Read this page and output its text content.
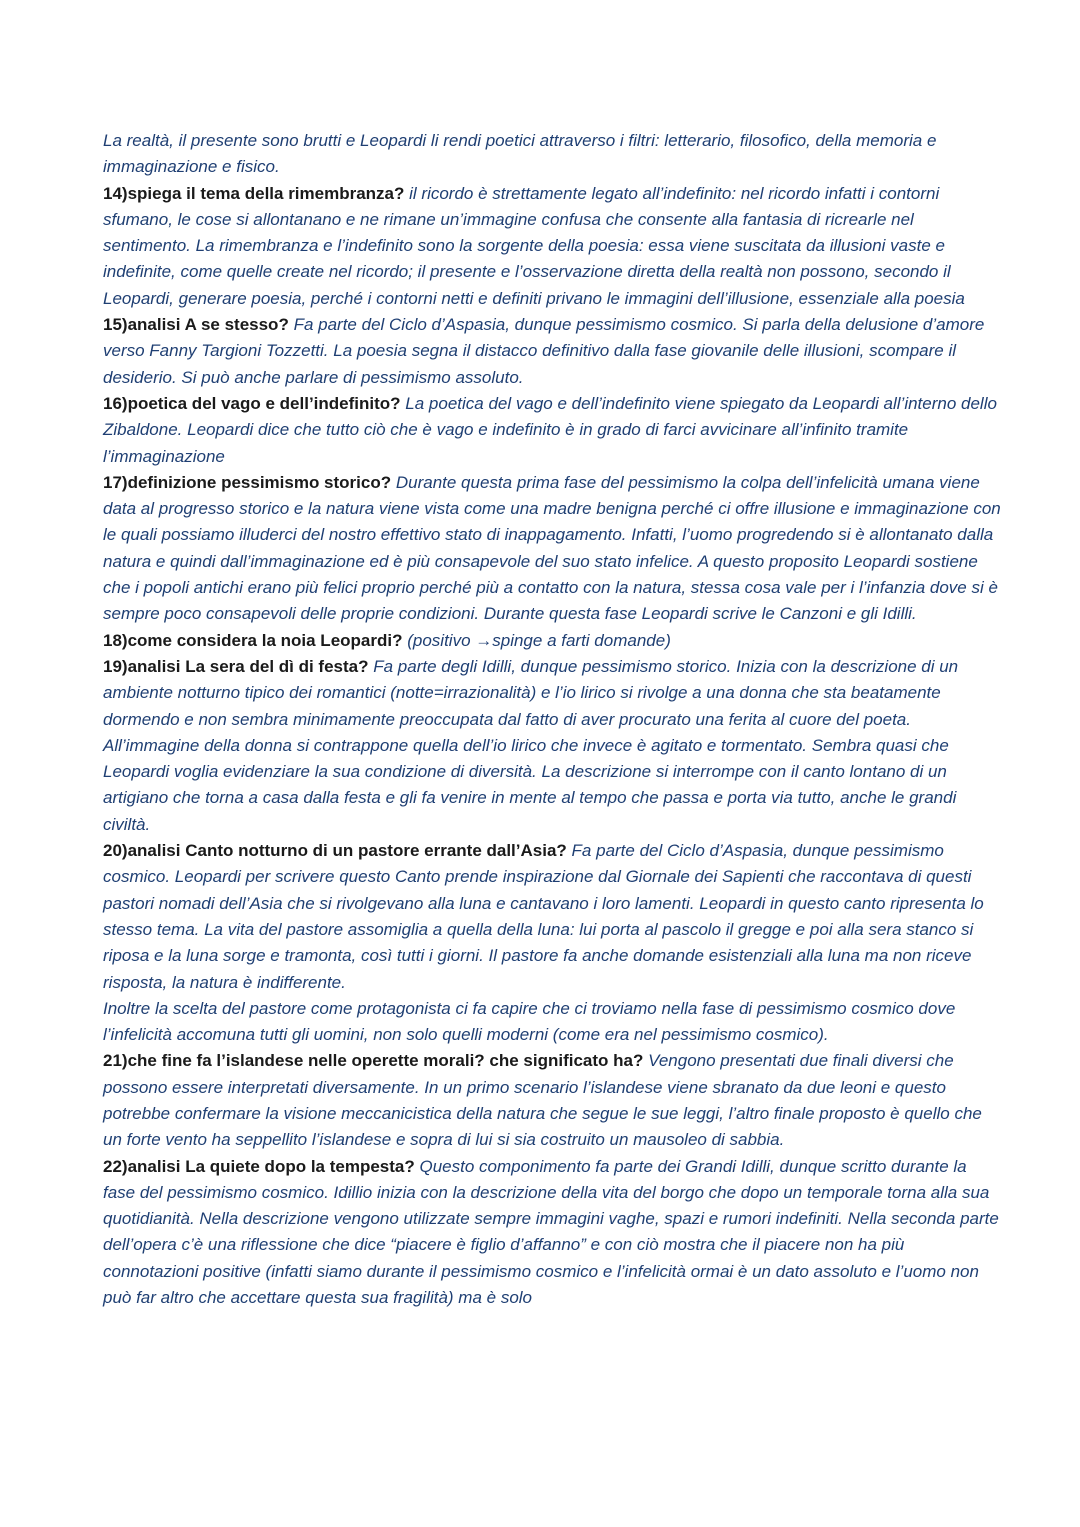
La realtà, il presente sono brutti e Leopardi li rendi poetici attraverso i filtri: letterario, filosofico, della memoria e immaginazione e fisico.

14)spiega il tema della rimembranza? il ricordo è strettamente legato all’indefinito: nel ricordo infatti i contorni sfumano, le cose si allontanano e ne rimane un’immagine confusa che consente alla fantasia di ricrearle nel sentimento. La rimembranza e l’indefinito sono la sorgente della poesia: essa viene suscitata da illusioni vaste e indefinite, come quelle create nel ricordo; il presente e l’osservazione diretta della realtà non possono, secondo il Leopardi, generare poesia, perché i contorni netti e definiti privano le immagini dell’illusione, essenziale alla poesia

15)analisi A se stesso? Fa parte del Ciclo d’Aspasia, dunque pessimismo cosmico. Si parla della delusione d’amore verso Fanny Targioni Tozzetti. La poesia segna il distacco definitivo dalla fase giovanile delle illusioni, scompare il desiderio. Si può anche parlare di pessimismo assoluto.

16)poetica del vago e dell’indefinito? La poetica del vago e dell’indefinito viene spiegato da Leopardi all’interno dello Zibaldone. Leopardi dice che tutto ciò che è vago e indefinito è in grado di farci avvicinare all’infinito tramite l’immaginazione

17)definizione pessimismo storico? Durante questa prima fase del pessimismo la colpa dell’infelicità umana viene data al progresso storico e la natura viene vista come una madre benigna perché ci offre illusione e immaginazione con le quali possiamo illuderci del nostro effettivo stato di inappagamento. Infatti, l’uomo progredendo si è allontanato dalla natura e quindi dall’immaginazione ed è più consapevole del suo stato infelice. A questo proposito Leopardi sostiene che i popoli antichi erano più felici proprio perché più a contatto con la natura, stessa cosa vale per i l’infanzia dove si è sempre poco consapevoli delle proprie condizioni. Durante questa fase Leopardi scrive le Canzoni e gli Idilli.

18)come considera la noia Leopardi? (positivo →spinge a farti domande)

19)analisi La sera del dì di festa? Fa parte degli Idilli, dunque pessimismo storico. Inizia con la descrizione di un ambiente notturno tipico dei romantici (notte=irrazionalità) e l’io lirico si rivolge a una donna che sta beatamente dormendo e non sembra minimamente preoccupata dal fatto di aver procurato una ferita al cuore del poeta. All’immagine della donna si contrappone quella dell’io lirico che invece è agitato e tormentato. Sembra quasi che Leopardi voglia evidenziare la sua condizione di diversità. La descrizione si interrompe con il canto lontano di un artigiano che torna a casa dalla festa e gli fa venire in mente al tempo che passa e porta via tutto, anche le grandi civiltà.

20)analisi Canto notturno di un pastore errante dall’Asia? Fa parte del Ciclo d’Aspasia, dunque pessimismo cosmico. Leopardi per scrivere questo Canto prende inspirazione dal Giornale dei Sapienti che raccontava di questi pastori nomadi dell’Asia che si rivolgevano alla luna e cantavano i loro lamenti. Leopardi in questo canto ripresenta lo stesso tema. La vita del pastore assomiglia a quella della luna: lui porta al pascolo il gregge e poi alla sera stanco si riposa e la luna sorge e tramonta, così tutti i giorni. Il pastore fa anche domande esistenziali alla luna ma non riceve risposta, la natura è indifferente.

Inoltre la scelta del pastore come protagonista ci fa capire che ci troviamo nella fase di pessimismo cosmico dove l’infelicità accomuna tutti gli uomini, non solo quelli moderni (come era nel pessimismo cosmico).

21)che fine fa l’islandese nelle operette morali? che significato ha? Vengono presentati due finali diversi che possono essere interpretati diversamente. In un primo scenario l’islandese viene sbranato da due leoni e questo potrebbe confermare la visione meccanicistica della natura che segue le sue leggi, l’altro finale proposto è quello che un forte vento ha seppellito l’islandese e sopra di lui si sia costruito un mausoleo di sabbia.

22)analisi La quiete dopo la tempesta? Questo componimento fa parte dei Grandi Idilli, dunque scritto durante la fase del pessimismo cosmico. Idillio inizia con la descrizione della vita del borgo che dopo un temporale torna alla sua quotidianità. Nella descrizione vengono utilizzate sempre immagini vaghe, spazi e rumori indefiniti. Nella seconda parte dell’opera c’è una riflessione che dice “piacere è figlio d’affanno” e con ciò mostra che il piacere non ha più connotazioni positive (infatti siamo durante il pessimismo cosmico e l’infelicità ormai è un dato assoluto e l’uomo non può far altro che accettare questa sua fragilità) ma è solo
